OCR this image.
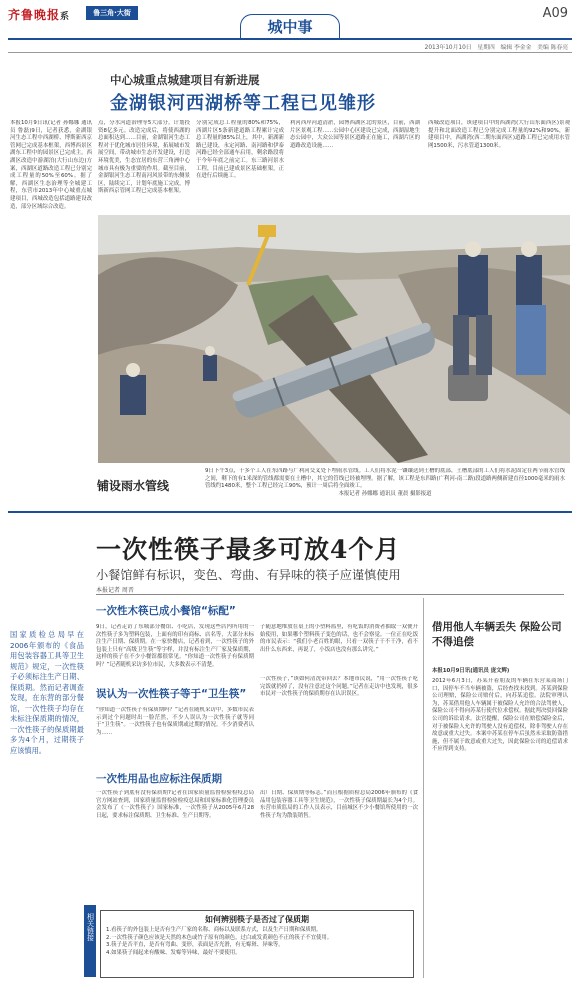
齐鲁晚报系	鲁三角·大街
城中事
A09
2013年10月10日　星期四　编辑 李金金　美编 陈春亮
中心城重点城建项目有新进展
金湖银河西湖桥等工程已见雏形
本报10月9日讯(记者 孙娜娜 通讯员 鲁磊)9日，记者获悉，金湖银河生态工程中西湖桥、博斯新西京管网已完成基本框架，西博西景区湖东工程中的园景区已完成主。西湖区改造中游湖泊(大行山东边)方案，西湖区道路改造工程已分别完成工程量的50%至60%。据了解，西湖区生态治理等全城建工程，东营市2013年中心城重点城建项目，西城改造包括道路建设改造，部分区域综合改造。
点，分水河道治理等5大部分。计划投资8亿多元。改造完成后，将使西湖的总面积达到……目前，金湖银河生态工程对于优化城市居住环境，拓展城市发展空间，带动城市生态开发建设，打造环境优美，生态宜居的东营三角洲中心城市具有极为重要的作用。截至目前，金湖银河生态工程南河风景带的东侧景区，陆续完工，计划年底施工完成，博斯新西京管网工程已完成基本框架。
分别完成总工程量的80%和75%，西湖片区5条新建道路工程累计完成总工程量的85%以上，其中，新湖新路已建设，永定河路、南河路和伊泰河路已经全部通车启用，剩余路段将于今年年底之前完工。东三路河景水工程，目前已建成景区基础框架，正在进行后续施工。
利河西岸河道清淤，园博西湖区北的景区，目前，西湖片区景观工程……公园中心区建设已完成，西湖湿地生态公园中，大众公园等景区道路正在施工，西湖片区的道路改造设施……
西城改造项目，该建项目中的西湖湾(大行山东面西区)景观提升和北面改造工程已分别完成工程量的92%和90%，新建项目中，西湖湾(西二期东面西区)道路工程已完成用水管网1500米，污水管道1300米。
9日下午3点，十多个工人在东四路与广利河交叉处下埋雨水管线。工人们将水泥一镶镶送到土槽的底部，土槽底部的工人们将水泥固定在两节雨水管线之间，剩下的有1米深的管线都需要在土槽中，其它的管线已经被埋埋。据了解，该工程是东四路(广利河-南二路)段道路两侧新建直径1000毫米的雨水管线约1480米，整个工程已经完工90%，预计一周后将全面竣工。
本报记者 孙娜娜 通讯员 董晨 摄影报道
铺设雨水管线
一次性筷子最多可放4个月
小餐馆鲜有标识，变色、弯曲、有异味的筷子应谨慎使用
本报记者 周晋
国家质检总局早在2006年颁布的《食品用包装容器工具等卫生规范》规定，一次性筷子必须标注生产日期、保质期。然而记者调查发现，在东营的部分餐馆，一次性筷子均存在未标注保质期的情况，一次性筷子的保质期最多为4个月，过期筷子应该慎用。
一次性木筷已成小餐馆“标配”
9日，记者走访了东城部分餐馆、小吃店，发现这些店内所用的一次性筷子多为塑料包装，上面有的印有商标、店名等，大部分未标注生产日期、保质期。在一家快餐店，记者看到，一次性筷子的外包装上只有“高级卫生筷”等字样，并没有标注生产厂家及保质期，这样的筷子在不少小餐馆都很常见。“你知道一次性筷子有保质期吗？”记者随机采访多位市民，大多数表示不清楚。
子随意地堆放在桌上的小塑料篮里，有吃饭的消费者抽取一双便开始使用，如果哪个塑料筷子变色的话，也不会察觉。一位正在吃饭的市民表示：“我们小老百姓的眼，只看一双筷子干不干净，看不出什么东西来，再说了，小饭店也没有那么讲究。”
误认为一次性筷子等于“卫生筷”
“你知道一次性筷子有保质期吗？”记者在随机采访中，多数市民表示到过个问题时出一脸茫然，不少人误认为一次性筷子就等同于“卫生筷”。一次性筷子也有保质期或过期的情况。不少消费者认为……
一次性筷子，”该如何清洗带回去？本地市民说，“用一次性筷子吃完饭就扔掉了，没有注意过这个问题。”记者在走访中也发现，很多市民对一次性筷子的保质期存在认识误区。
一次性用品也应标注保质期
一次性筷子到底有没有保质期?记者在国家质量监督检验检疫总局官方网站查到，国家质量监督检验检疫总局和国家标准化管理委员会发布了《一次性筷子》国家标准，一次性筷子从2005年6月28日起，要求标注保质期、卫生标准、生产日期等。
出厂日期、保质期等标志。”而且根据质检总局2006年颁布的《食品用包装容器工具等卫生规范》，一次性筷子保质期最长为4个月。东营市质监局的工作人员表示，目前城区不少小餐馆所使用的一次性筷子均为散装销售。
相关链接	如何辨别筷子是否过了保质期
1.看筷子的外包装上是否有生产厂家的名称、商标以及联系方式，以及生产日期和保质期。
2.一次性筷子颜色应该是天然的木色或竹子原有的颜色，过白或发黄颜色不正的筷子不宜使用。
3.筷子是否平直，是否有弯曲、变形，表面是否光滑，有无霉斑、异味等。
4.如果筷子闻起来有酸味、发霉等异味，最好不要使用。
借用他人车辆丢失 保险公司不得追偿
本报10月9日讯(通讯员 庞文辉)
2012年6月3日，苏某开着朋友的车辆在东营某商场门口，因停车不当车辆被盗，后经查找未找到。苏某到保险公司理赔，保险公司赔付后，向苏某追偿。法院审理认为，苏某借用他人车辆属于被保险人允许的合法驾驶人，保险公司不得向苏某行使代位求偿权。据此判决驳回保险公司的诉讼请求。法官提醒，保险公司在赔偿保险金后，对于被保险人允许的驾驶人没有追偿权，除非驾驶人存在故意或重大过失。本案中苏某在停车后虽然未采取防盗措施，但不属于故意或重大过失，因此保险公司的追偿请求不应得到支持。
